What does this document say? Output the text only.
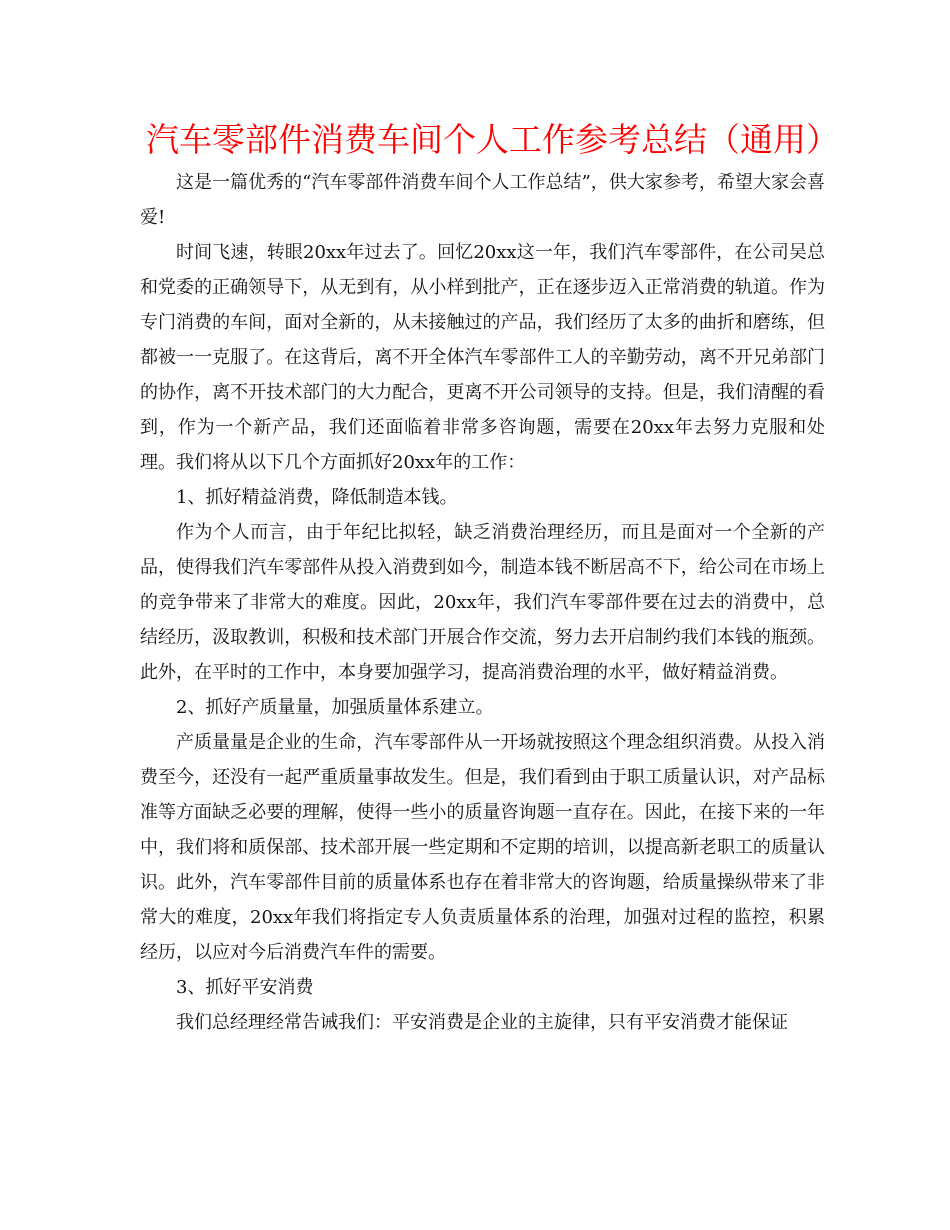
汽车零部件消费车间个人工作参考总结（通用）

这是一篇优秀的“汽车零部件消费车间个人工作总结”，供大家参考，希望大家会喜爱!

时间飞速，转眼20xx年过去了。回忆20xx这一年，我们汽车零部件，在公司吴总和党委的正确领导下，从无到有，从小样到批产，正在逐步迈入正常消费的轨道。作为专门消费的车间，面对全新的，从未接触过的产品，我们经历了太多的曲折和磨练，但都被一一克服了。在这背后，离不开全体汽车零部件工人的辛勤劳动，离不开兄弟部门的协作，离不开技术部门的大力配合，更离不开公司领导的支持。但是，我们清醒的看到，作为一个新产品，我们还面临着非常多咨询题，需要在20xx年去努力克服和处理。我们将从以下几个方面抓好20xx年的工作：

1、抓好精益消费，降低制造本钱。

作为个人而言，由于年纪比拟轻，缺乏消费治理经历，而且是面对一个全新的产品，使得我们汽车零部件从投入消费到如今，制造本钱不断居高不下，给公司在市场上的竞争带来了非常大的难度。因此，20xx年，我们汽车零部件要在过去的消费中，总结经历，汲取教训，积极和技术部门开展合作交流，努力去开启制约我们本钱的瓶颈。此外，在平时的工作中，本身要加强学习，提高消费治理的水平，做好精益消费。

2、抓好产质量量，加强质量体系建立。

产质量量是企业的生命，汽车零部件从一开场就按照这个理念组织消费。从投入消费至今，还没有一起严重质量事故发生。但是，我们看到由于职工质量认识，对产品标准等方面缺乏必要的理解，使得一些小的质量咨询题一直存在。因此，在接下来的一年中，我们将和质保部、技术部开展一些定期和不定期的培训，以提高新老职工的质量认识。此外，汽车零部件目前的质量体系也存在着非常大的咨询题，给质量操纵带来了非常大的难度，20xx年我们将指定专人负责质量体系的治理，加强对过程的监控，积累经历，以应对今后消费汽车件的需要。

3、抓好平安消费

我们总经理经常告诫我们：平安消费是企业的主旋律，只有平安消费才能保证
